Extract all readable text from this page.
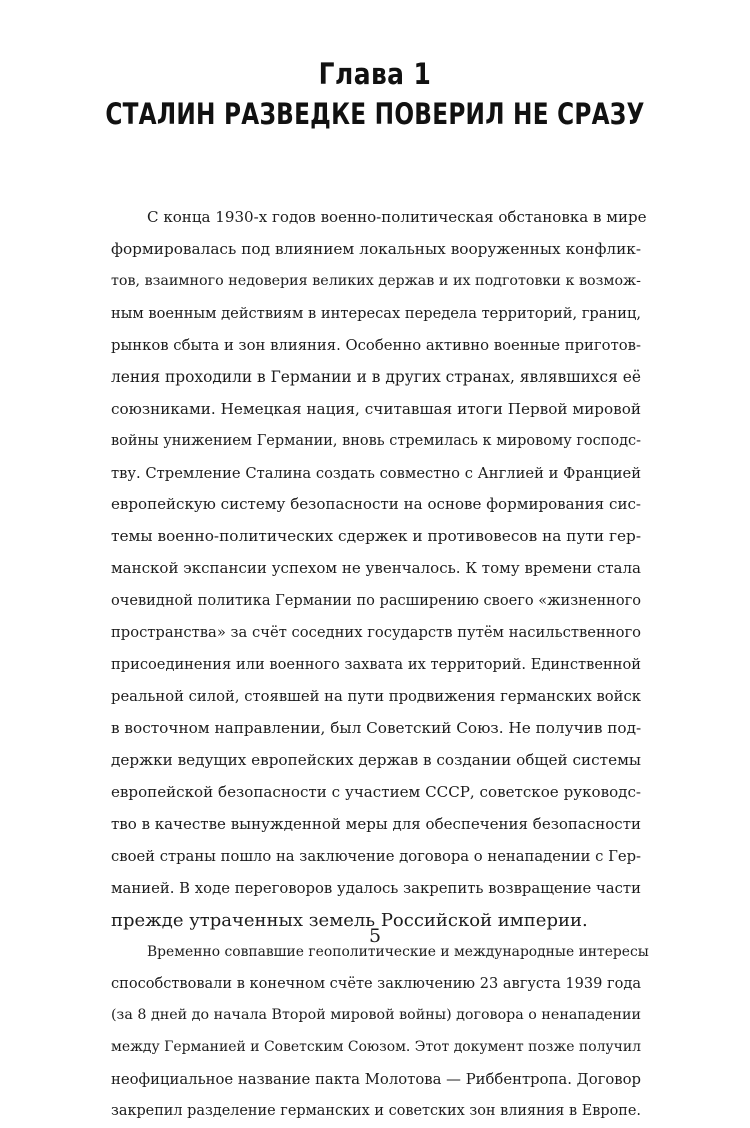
Глава 1
СТАЛИН РАЗВЕДКЕ ПОВЕРИЛ НЕ СРАЗУ
С конца 1930-х годов военно-политическая обстановка в мире
формировалась под влиянием локальных вооруженных конфлик-
тов, взаимного недоверия великих держав и их подготовки к возмож-
ным военным действиям в интересах передела территорий, границ,
рынков сбыта и зон влияния. Особенно активно военные приготов-
ления проходили в Германии и в других странах, являвшихся её
союзниками. Немецкая нация, считавшая итоги Первой мировой
войны унижением Германии, вновь стремилась к мировому господс-
тву. Стремление Сталина создать совместно с Англией и Францией
европейскую систему безопасности на основе формирования сис-
темы военно-политических сдержек и противовесов на пути гер-
манской экспансии успехом не увенчалось. К тому времени стала
очевидной политика Германии по расширению своего «жизненного
пространства» за счёт соседних государств путём насильственного
присоединения или военного захвата их территорий. Единственной
реальной силой, стоявшей на пути продвижения германских войск
в восточном направлении, был Советский Союз. Не получив под-
держки ведущих европейских держав в создании общей системы
европейской безопасности с участием СССР, советское руководс-
тво в качестве вынужденной меры для обеспечения безопасности
своей страны пошло на заключение договора о ненападении с Гер-
манией. В ходе переговоров удалось закрепить возвращение части
прежде утраченных земель Российской империи.
Временно совпавшие геополитические и международные интересы
способствовали в конечном счёте заключению 23 августа 1939 года
(за 8 дней до начала Второй мировой войны) договора о ненападении
между Германией и Советским Союзом. Этот документ позже получил
неофициальное название пакта Молотова — Риббентропа. Договор
закрепил разделение германских и советских зон влияния в Европе.
5
